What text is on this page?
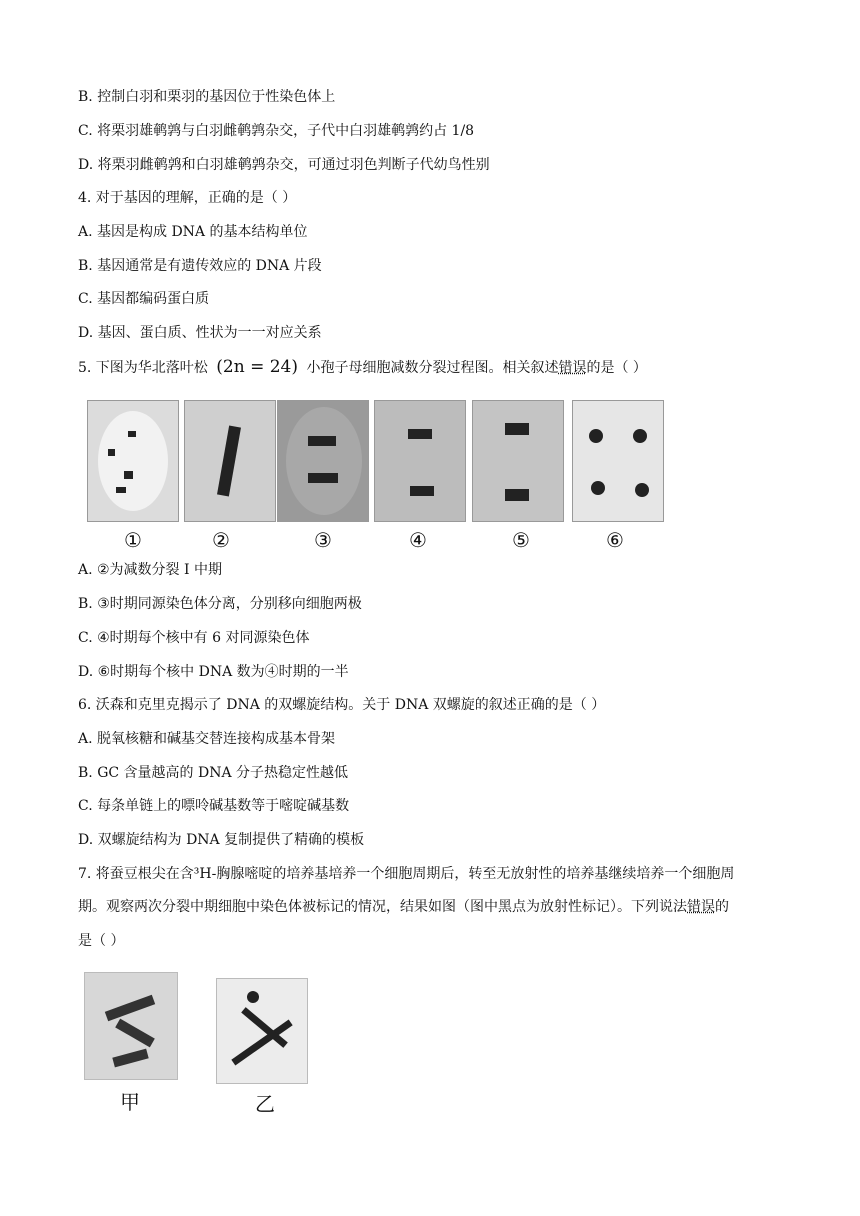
B. 控制白羽和栗羽的基因位于性染色体上
C. 将栗羽雄鹌鹑与白羽雌鹌鹑杂交，子代中白羽雄鹌鹑约占 1/8
D. 将栗羽雌鹌鹑和白羽雄鹌鹑杂交，可通过羽色判断子代幼鸟性别
4. 对于基因的理解，正确的是（ ）
A. 基因是构成 DNA 的基本结构单位
B. 基因通常是有遗传效应的 DNA 片段
C. 基因都编码蛋白质
D. 基因、蛋白质、性状为一一对应关系
5. 下图为华北落叶松 (2n = 24) 小孢子母细胞减数分裂过程图。相关叙述错误的是（ ）
①	②	③	④	⑤	⑥
A. ②为减数分裂 Ⅰ 中期
B. ③时期同源染色体分离，分别移向细胞两极
C. ④时期每个核中有 6 对同源染色体
D. ⑥时期每个核中 DNA 数为④时期的一半
6. 沃森和克里克揭示了 DNA 的双螺旋结构。关于 DNA 双螺旋的叙述正确的是（ ）
A. 脱氧核糖和碱基交替连接构成基本骨架
B. GC 含量越高的 DNA 分子热稳定性越低
C. 每条单链上的嘌呤碱基数等于嘧啶碱基数
D. 双螺旋结构为 DNA 复制提供了精确的模板
7. 将蚕豆根尖在含³H-胸腺嘧啶的培养基培养一个细胞周期后，转至无放射性的培养基继续培养一个细胞周
期。观察两次分裂中期细胞中染色体被标记的情况，结果如图（图中黑点为放射性标记）。下列说法错误的
是（ ）
甲	乙
